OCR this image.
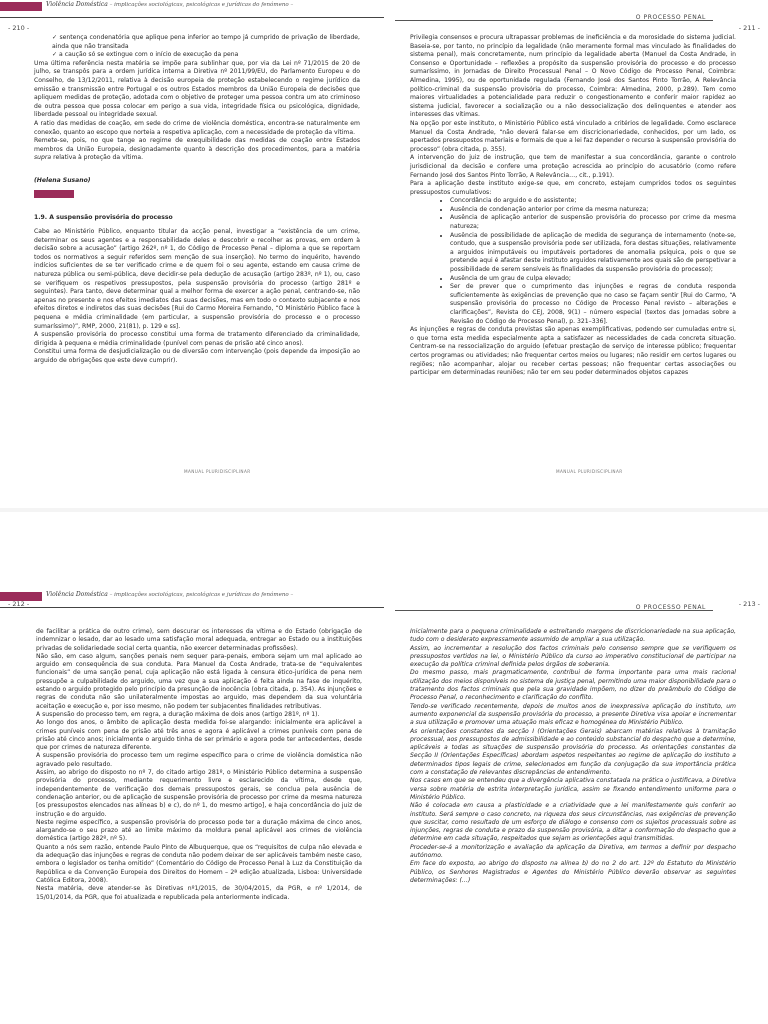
Violência Doméstica – implicações sociológicas, psicológicas e jurídicas do fenómeno –
O PROCESSO PENAL
- 210 -	- 211 -
✓ sentença condenatória que aplique pena inferior ao tempo já cumprido de privação de liberdade, ainda que não transitada
✓ a caução só se extingue com o início de execução da pena

Uma última referência nesta matéria se impõe para sublinhar que, por via da Lei nº 71/2015 de 20 de julho, se transpôs para a ordem jurídica interna a Diretiva nº 2011/99/EU, do Parlamento Europeu e do Conselho, de 13/12/2011, relativa à decisão europeia de proteção estabelecendo o regime jurídico da emissão e transmissão entre Portugal e os outros Estados membros da União Europeia de decisões que apliquem medidas de proteção, adotada com o objetivo de proteger uma pessoa contra um ato criminoso de outra pessoa que possa colocar em perigo a sua vida, integridade física ou psicológica, dignidade, liberdade pessoal ou integridade sexual.

A ratio das medidas de coação, em sede do crime de violência doméstica, encontra-se naturalmente em conexão, quanto ao escopo que norteia a respetiva aplicação, com a necessidade de proteção da vítima.

Remete-se, pois, no que tange ao regime de exequibilidade das medidas de coação entre Estados membros da União Europeia, designadamente quanto à descrição dos procedimentos, para a matéria supra relativa à proteção da vítima.

(Helena Susano)

1.9. A suspensão provisória do processo

Cabe ao Ministério Público, enquanto titular da acção penal, investigar a “existência de um crime, determinar os seus agentes e a responsabilidade deles e descobrir e recolher as provas, em ordem à decisão sobre a acusação” (artigo 262º, nº 1, do Código de Processo Penal – diploma a que se reportam todos os normativos a seguir referidos sem menção de sua inserção). No termo do inquérito, havendo indícios suficientes de se ter verificado crime e de quem foi o seu agente, estando em causa crime de natureza pública ou semi-pública, deve decidir-se pela dedução de acusação (artigo 283º, nº 1), ou, caso se verifiquem os respetivos pressupostos, pela suspensão provisória do processo (artigo 281º e seguintes). Para tanto, deve determinar qual a melhor forma de exercer a ação penal, centrando-se, não apenas no presente e nos efeitos imediatos das suas decisões, mas em todo o contexto subjacente e nos efeitos diretos e indiretos das suas decisões [Rui do Carmo Moreira Fernando, “O Ministério Público face à pequena e média criminalidade (em particular, a suspensão provisória do processo e o processo sumaríssimo)”, RMP, 2000, 21(81), p. 129 e ss].

A suspensão provisória do processo constitui uma forma de tratamento diferenciado da criminalidade, dirigida à pequena e média criminalidade (punível com penas de prisão até cinco anos).

Constitui uma forma de desjudicialização ou de diversão com intervenção (pois depende da imposição ao arguido de obrigações que este deve cumprir).

Privilegia consensos e procura ultrapassar problemas de ineficiência e da morosidade do sistema judicial. Baseia-se, por tanto, no princípio da legalidade (não meramente formal mas vinculado às finalidades do sistema penal), mais concretamente, num princípio da legalidade aberta (Manuel da Costa Andrade, in Consenso e Oportunidade – reflexões a propósito da suspensão provisória do processo e do processo sumaríssimo, in Jornadas de Direito Processual Penal – O Novo Código de Processo Penal, Coimbra: Almedina, 1995), ou de oportunidade regulada (Fernando José dos Santos Pinto Torrão, A Relevância político-criminal da suspensão provisória do processo, Coimbra: Almedina, 2000, p.289). Tem como maiores virtualidades a potencialidade para reduzir o congestionamento e conferir maior rapidez ao sistema judicial, favorecer a socialização ou a não dessocialização dos delinquentes e atender aos interesses das vítimas.

Na opção por este instituto, o Ministério Público está vinculado a critérios de legalidade. Como esclarece Manuel da Costa Andrade, “não deverá falar-se em discricionariedade, conhecidos, por um lado, os apertados pressupostos materiais e formais de que a lei faz depender o recurso à suspensão provisória do processo” (obra citada, p. 355).

A intervenção do juiz de instrução, que tem de manifestar a sua concordância, garante o controlo jurisdicional da decisão e confere uma proteção acrescida ao princípio do acusatório (como refere Fernando José dos Santos Pinto Torrão, A Relevância…, cit., p.191).

Para a aplicação deste instituto exige-se que, em concreto, estejam cumpridos todos os seguintes pressupostos cumulativos:

• Concordância do arguido e do assistente;
• Ausência de condenação anterior por crime da mesma natureza;
• Ausência de aplicação anterior de suspensão provisória do processo por crime da mesma natureza;
• Ausência de possibilidade de aplicação de medida de segurança de internamento (note-se, contudo, que a suspensão provisória pode ser utilizada, fora destas situações, relativamente a arguidos inimputáveis ou imputáveis portadores de anomalia psíquica, pois o que se pretende aqui é afastar deste instituto arguidos relativamente aos quais são de perspetivar a possibilidade de serem sensíveis às finalidades da suspensão provisória do processo);
• Ausência de um grau de culpa elevado;
• Ser de prever que o cumprimento das injunções e regras de conduta responda suficientemente às exigências de prevenção que no caso se façam sentir [Rui do Carmo, “A suspensão provisória do processo no Código de Processo Penal revisto – alterações e clarificações”, Revista do CEJ, 2008, 9(1) – número especial (textos das Jornadas sobre a Revisão do Código de Processo Penal), p. 321–336].

As injunções e regras de conduta previstas são apenas exemplificativas, podendo ser cumuladas entre si, o que torna esta medida especialmente apta a satisfazer as necessidades de cada concreta situação. Centram-se na ressocialização do arguido (efetuar prestação de serviço de interesse público; frequentar certos programas ou atividades; não frequentar certos meios ou lugares; não residir em certos lugares ou regiões; não acompanhar, alojar ou receber certas pessoas; não frequentar certas associações ou participar em determinadas reuniões; não ter em seu poder determinados objetos capazes

MANUAL PLURIDISCIPLINAR	MANUAL PLURIDISCIPLINAR
Violência Doméstica – implicações sociológicas, psicológicas e jurídicas do fenómeno –
O PROCESSO PENAL
- 212 -	- 213 -

de facilitar a prática de outro crime), sem descurar os interesses da vítima e do Estado (obrigação de indemnizar o lesado, dar ao lesado uma satisfação moral adequada, entregar ao Estado ou a instituições privadas de solidariedade social certa quantia, não exercer determinadas profissões).

Não são, em caso algum, sanções penais nem sequer para-penais, embora sejam um mal aplicado ao arguido em consequência de sua conduta. Para Manuel da Costa Andrade, trata-se de “equivalentes funcionais” de uma sanção penal, cuja aplicação não está ligada à censura ético-jurídica de pena nem pressupõe a culpabilidade do arguido, uma vez que a sua aplicação é feita ainda na fase de inquérito, estando o arguido protegido pelo princípio da presunção de inocência (obra citada, p. 354). As injunções e regras de conduta não são unilateralmente impostas ao arguido, mas dependem da sua voluntária aceitação e execução e, por isso mesmo, não podem ter subjacentes finalidades retributivas.

A suspensão do processo tem, em regra, a duração máxima de dois anos (artigo 281º, nº 1).

Ao longo dos anos, o âmbito de aplicação desta medida foi-se alargando: inicialmente era aplicável a crimes puníveis com pena de prisão até três anos e agora é aplicável a crimes puníveis com pena de prisão até cinco anos; inicialmente o arguido tinha de ser primário e agora pode ter antecedentes, desde que por crimes de natureza diferente.

A suspensão provisória do processo tem um regime específico para o crime de violência doméstica não agravado pelo resultado.

Assim, ao abrigo do disposto no nº 7, do citado artigo 281º, o Ministério Público determina a suspensão provisória do processo, mediante requerimento livre e esclarecido da vítima, desde que, independentemente de verificação dos demais pressupostos gerais, se conclua pela ausência de condenação anterior, ou de aplicação de suspensão provisória de processo por crime da mesma natureza [os pressupostos elencados nas alíneas b) e c), do nº 1, do mesmo artigo], e haja concordância do juiz de instrução e do arguido.

Neste regime específico, a suspensão provisória do processo pode ter a duração máxima de cinco anos, alargando-se o seu prazo até ao limite máximo da moldura penal aplicável aos crimes de violência doméstica (artigo 282º, nº 5).

Quanto a nós sem razão, entende Paulo Pinto de Albuquerque, que os “requisitos de culpa não elevada e da adequação das injunções e regras de conduta não podem deixar de ser aplicáveis também neste caso, embora o legislador os tenha omitido” (Comentário do Código de Processo Penal à Luz da Constituição da República e da Convenção Europeia dos Direitos do Homem – 2ª edição atualizada, Lisboa: Universidade Católica Editora, 2008).

Nesta matéria, deve atender-se às Diretivas nº1/2015, de 30/04/2015, da PGR, e nº 1/2014, de 15/01/2014, da PGR, que foi atualizada e republicada pela anteriormente indicada.

Inicialmente para o pequena criminalidade e estreitando margens de discricionariedade na sua aplicação, tudo com o desiderato expressamente assumido de ampliar a sua utilização.

Assim, ao incrementar a resolução dos factos criminais pelo consenso sempre que se verifiquem os pressupostos vertidos na lei, o Ministério Público da curso ao imperativo constitucional de participar na execução da política criminal definida pelos órgãos de soberania.

Do mesmo passo, mais pragmaticamente, contribui de forma importante para uma mais racional utilização dos meios disponíveis no sistema de justiça penal, permitindo uma maior disponibilidade para o tratamento dos factos criminais que pela sua gravidade impõem, no dizer do preâmbulo do Código de Processo Penal, o reconhecimento e clarificação do conflito.

Tendo-se verificado recentemente, depois de muitos anos de inexpressiva aplicação do instituto, um aumento exponencial da suspensão provisória do processo, a presente Diretiva visa apoiar e incrementar a sua utilização e promover uma atuação mais eficaz e homogénea do Ministério Público.

As orientações constantes da secção I (Orientações Gerais) abarcam matérias relativas à tramitação processual, aos pressupostos de admissibilidade e ao conteúdo substancial do despacho que a determine, aplicáveis a todas as situações de suspensão provisória do processo. As orientações constantes da Secção II (Orientações Específicas) abordam aspetos respeitantes ao regime de aplicação do instituto a determinados tipos legais de crime, selecionados em função da conjugação da sua importância prática com a constatação de relevantes discrepâncias de entendimento.

Nos casos em que se entendeu que a divergência aplicativa constatada na prática o justificava, a Diretiva versa sobre matéria de estrita interpretação jurídica, assim se fixando entendimento uniforme para o Ministério Público.

Não é colocada em causa a plasticidade e a criatividade que a lei manifestamente quis conferir ao instituto. Será sempre o caso concreto, na riqueza dos seus circunstâncias, nas exigências de prevenção que suscitar, como resultado de um esforço de diálogo e consenso com os sujeitos processuais sobre as injunções, regras de conduta e prazo da suspensão provisória, a ditar a conformação do despacho que a determine em cada situação, respeitados que sejam as orientações aqui transmitidas.

Proceder-se-á a monitorização e avaliação da aplicação da Diretiva, em termos a definir por despacho autónomo.

Em face do exposto, ao abrigo do disposto na alínea b) do no 2 do art. 12º do Estatuto do Ministério Público, os Senhores Magistrados e Agentes do Ministério Público deverão observar as seguintes determinações: (…)
